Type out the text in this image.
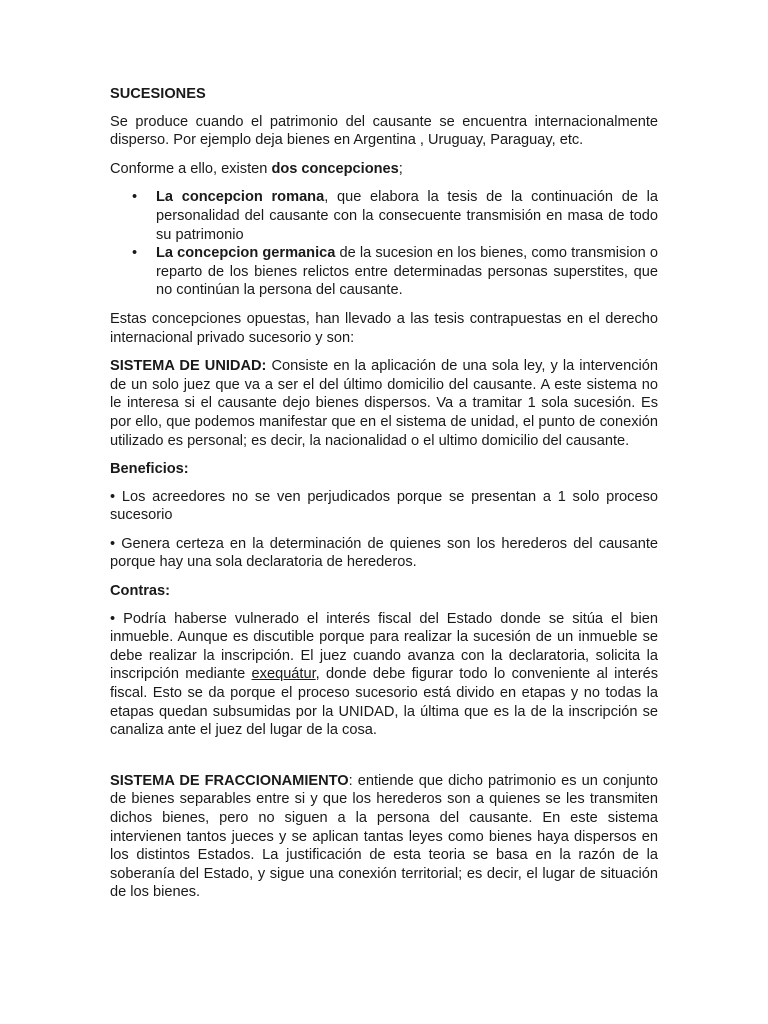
SUCESIONES

Se produce cuando el patrimonio del causante se encuentra internacionalmente disperso. Por ejemplo deja bienes en Argentina , Uruguay, Paraguay, etc.

Conforme a ello, existen dos concepciones;

• La concepcion romana, que elabora la tesis de la continuación de la personalidad del causante con la consecuente transmisión en masa de todo su patrimonio
• La concepcion germanica de la sucesion en los bienes, como transmision o reparto de los bienes relictos entre determinadas personas superstites, que no continúan la persona del causante.

Estas concepciones opuestas, han llevado a las tesis contrapuestas en el derecho internacional privado sucesorio y son:

SISTEMA DE UNIDAD: Consiste en la aplicación de una sola ley, y la intervención de un solo juez que va a ser el del último domicilio del causante. A este sistema no le interesa si el causante dejo bienes dispersos. Va a tramitar 1 sola sucesión. Es por ello, que podemos manifestar que en el sistema de unidad, el punto de conexión utilizado es personal; es decir, la nacionalidad o el ultimo domicilio del causante.

Beneficios:

• Los acreedores no se ven perjudicados porque se presentan a 1 solo proceso sucesorio

• Genera certeza en la determinación de quienes son los herederos del causante porque hay una sola declaratoria de herederos.

Contras:

• Podría haberse vulnerado el interés fiscal del Estado donde se sitúa el bien inmueble. Aunque es discutible porque para realizar la sucesión de un inmueble se debe realizar la inscripción. El juez cuando avanza con la declaratoria, solicita la inscripción mediante exequátur, donde debe figurar todo lo conveniente al interés fiscal. Esto se da porque el proceso sucesorio está divido en etapas y no todas la etapas quedan subsumidas por la UNIDAD, la última que es la de la inscripción se canaliza ante el juez del lugar de la cosa.

SISTEMA DE FRACCIONAMIENTO: entiende que dicho patrimonio es un conjunto de bienes separables entre si y que los herederos son a quienes se les transmiten dichos bienes, pero no siguen a la persona del causante. En este sistema intervienen tantos jueces y se aplican tantas leyes como bienes haya dispersos en los distintos Estados. La justificación de esta teoria se basa en la razón de la soberanía del Estado, y sigue una conexión territorial; es decir, el lugar de situación de los bienes.
